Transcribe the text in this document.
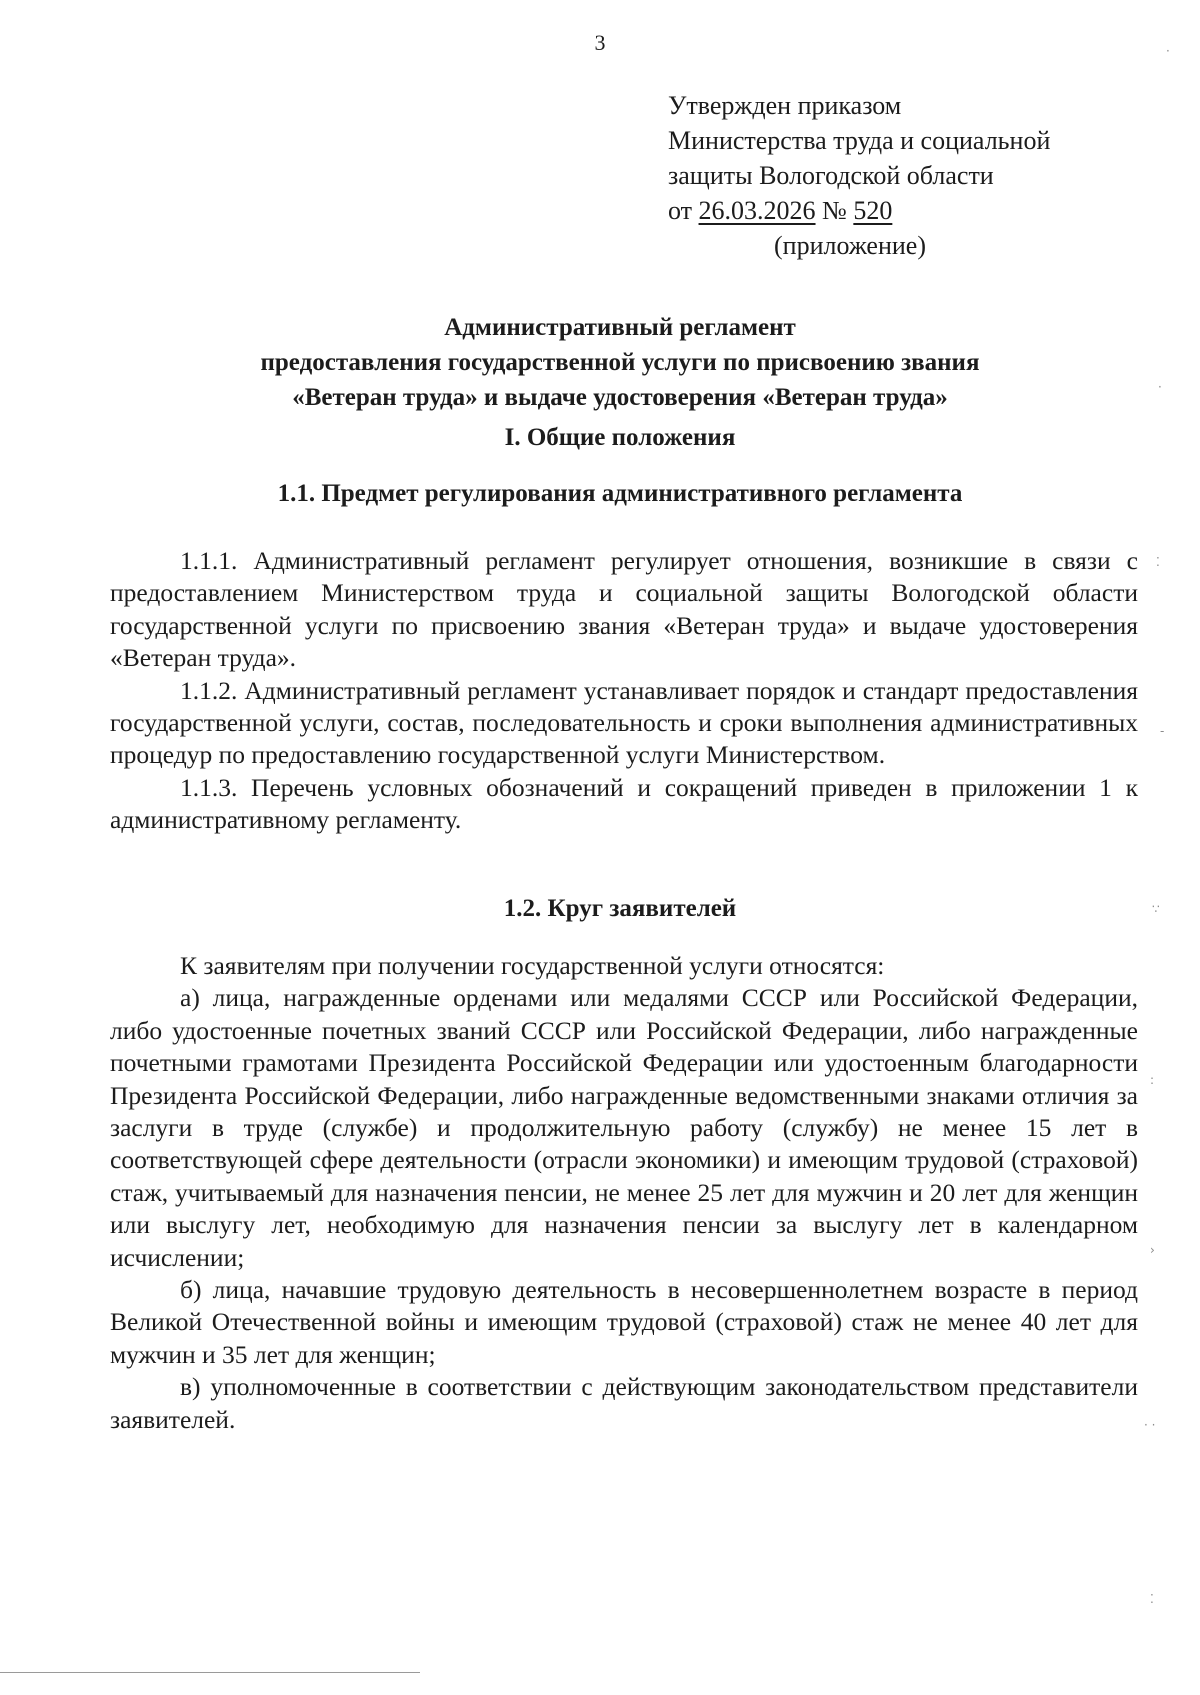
3
Утвержден приказом
Министерства труда и социальной
защиты Вологодской области
от 26.03.2026 № 520
(приложение)
Административный регламент
предоставления государственной услуги по присвоению звания
«Ветеран труда» и выдаче удостоверения «Ветеран труда»
I. Общие положения
1.1. Предмет регулирования административного регламента

1.1.1. Административный регламент регулирует отношения, возникшие в связи с предоставлением Министерством труда и социальной защиты Вологодской области государственной услуги по присвоению звания «Ветеран труда» и выдаче удостоверения «Ветеран труда».

1.1.2. Административный регламент устанавливает порядок и стандарт предоставления государственной услуги, состав, последовательность и сроки выполнения административных процедур по предоставлению государственной услуги Министерством.

1.1.3. Перечень условных обозначений и сокращений приведен в приложении 1 к административному регламенту.

1.2. Круг заявителей

К заявителям при получении государственной услуги относятся:

а) лица, награжденные орденами или медалями СССР или Российской Федерации, либо удостоенные почетных званий СССР или Российской Федерации, либо награжденные почетными грамотами Президента Российской Федерации или удостоенным благодарности Президента Российской Федерации, либо награжденные ведомственными знаками отличия за заслуги в труде (службе) и продолжительную работу (службу) не менее 15 лет в соответствующей сфере деятельности (отрасли экономики) и имеющим трудовой (страховой) стаж, учитываемый для назначения пенсии, не менее 25 лет для мужчин и 20 лет для женщин или выслугу лет, необходимую для назначения пенсии за выслугу лет в календарном исчислении;

б) лица, начавшие трудовую деятельность в несовершеннолетнем возрасте в период Великой Отечественной войны и имеющим трудовой (страховой) стаж не менее 40 лет для мужчин и 35 лет для женщин;

в) уполномоченные в соответствии с действующим законодательством представители заявителей.

·
·
⁚
-
∵
:
›
· ·
⁚
